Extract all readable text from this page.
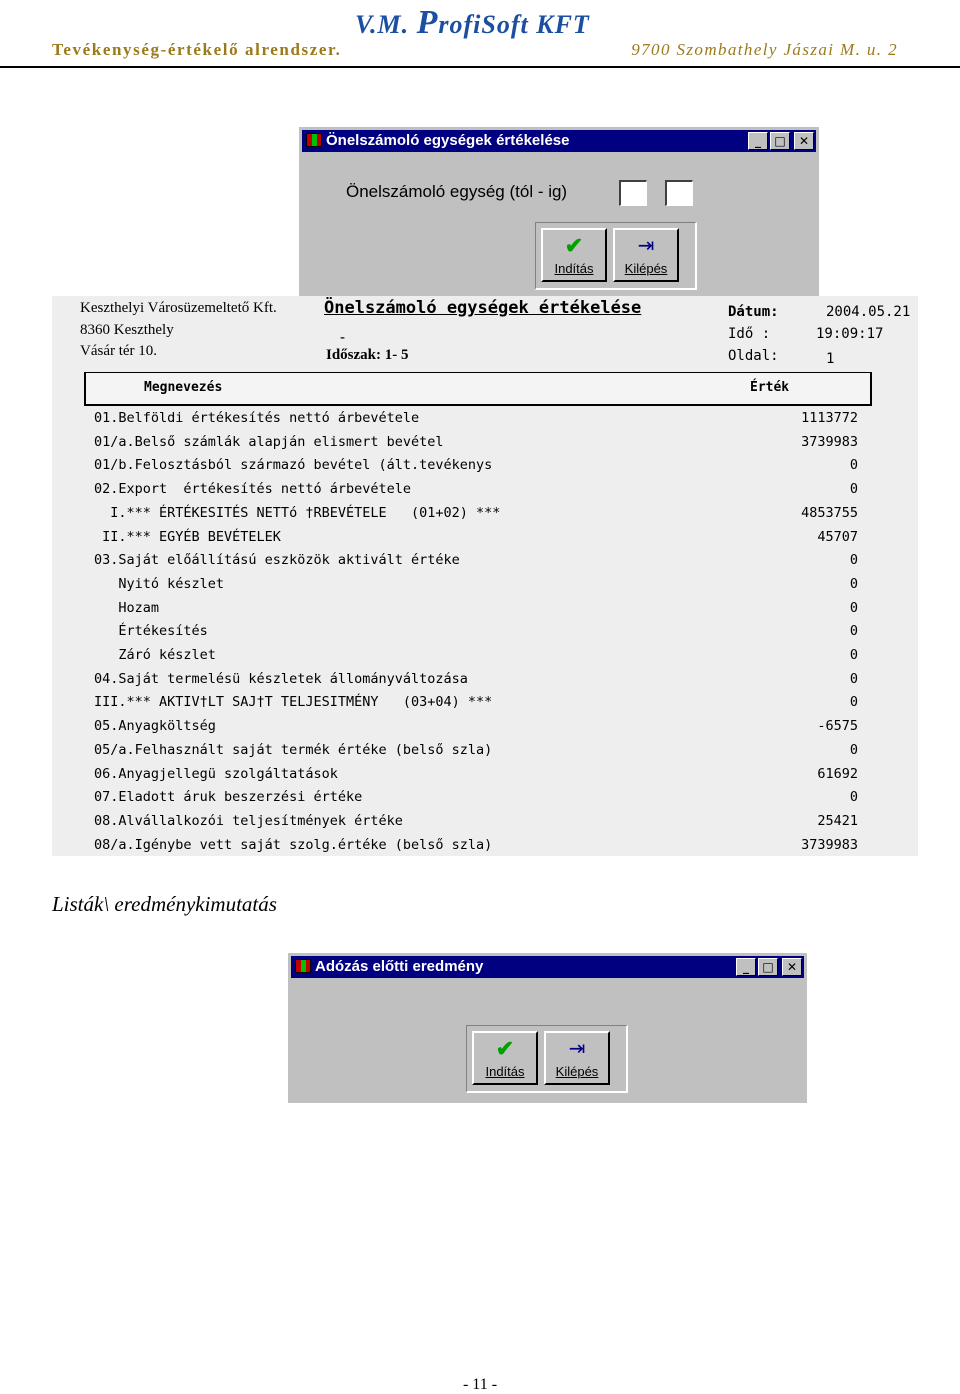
V.M. ProfiSoft KFT
Tevékenység-értékelő alrendszer.	9700 Szombathely Jászai M. u. 2
Önelszámoló egységek értékelése	_	□	✕
Önelszámoló egység (tól - ig)
✔
Indítás
⇥
Kilépés
Keszthelyi Városüzemeltető Kft.
8360 Keszthely
Vásár tér 10.
Önelszámoló egységek értékelése
-
Időszak: 1- 5
Dátum:	2004.05.21
Idő :	19:09:17
Oldal:	1
Megnevezés	Érték
01.Belföldi értékesítés nettó árbevétele	1113772
01/a.Belső számlák alapján elismert bevétel	3739983
01/b.Felosztásból származó bevétel (ált.tevékenys	0
02.Export  értékesítés nettó árbevétele	0
I.*** ÉRTÉKESITÉS NETTó †RBEVÉTELE   (01+02) ***	4853755
II.*** EGYÉB BEVÉTELEK	45707
03.Saját előállítású eszközök aktivált értéke	0
Nyitó készlet	0
Hozam	0
Értékesítés	0
Záró készlet	0
04.Saját termelésü készletek állományváltozása	0
III.*** AKTIV†LT SAJ†T TELJESITMÉNY   (03+04) ***	0
05.Anyagköltség	-6575
05/a.Felhasznált saját termék értéke (belső szla)	0
06.Anyagjellegü szolgáltatások	61692
07.Eladott áruk beszerzési értéke	0
08.Alvállalkozói teljesítmények értéke	25421
08/a.Igénybe vett saját szolg.értéke (belső szla)	3739983
Listák\ eredménykimutatás
Adózás előtti eredmény	_	□	✕
✔
Indítás
⇥
Kilépés
- 11 -
